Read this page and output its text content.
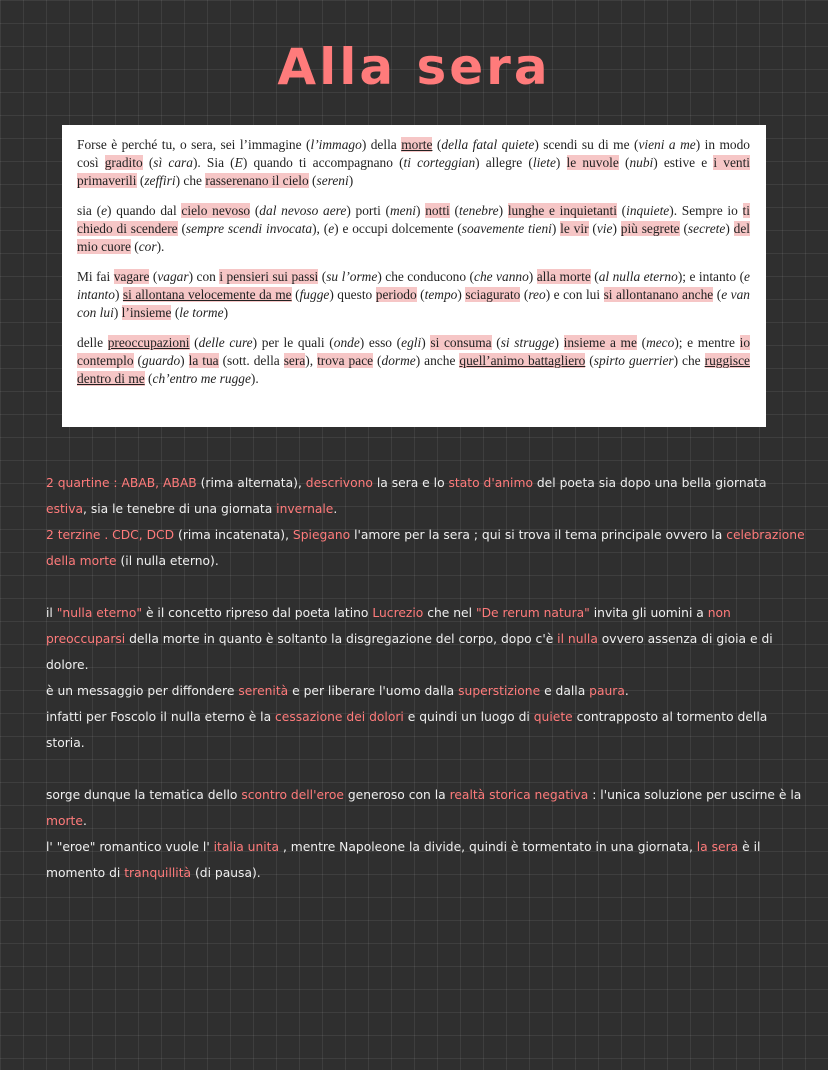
Alla sera

Forse è perché tu, o sera, sei l’immagine (l’immago) della morte (della fatal quiete) scendi su di me (vieni a me) in modo così gradito (sì cara). Sia (E) quando ti accompagnano (ti corteggian) allegre (liete) le nuvole (nubi) estive e i venti primaverili (zeffiri) che rasserenano il cielo (sereni)

sia (e) quando dal cielo nevoso (dal nevoso aere) porti (meni) notti (tenebre) lunghe e inquietanti (inquiete). Sempre io ti chiedo di scendere (sempre scendi invocata), (e) e occupi dolcemente (soavemente tieni) le vir (vie) più segrete (secrete) del mio cuore (cor).

Mi fai vagare (vagar) con i pensieri sui passi (su l’orme) che conducono (che vanno) alla morte (al nulla eterno); e intanto (e intanto) si allontana velocemente da me (fugge) questo periodo (tempo) sciagurato (reo) e con lui si allontanano anche (e van con lui) l’insieme (le torme)

delle preoccupazioni (delle cure) per le quali (onde) esso (egli) si consuma (si strugge) insieme a me (meco); e mentre io contemplo (guardo) la tua (sott. della sera), trova pace (dorme) anche quell’animo battagliero (spirto guerrier) che ruggisce dentro di me (ch’entro me rugge).

2 quartine : ABAB, ABAB (rima alternata), descrivono la sera e lo stato d'animo del poeta sia dopo una bella giornata estiva, sia le tenebre di una giornata invernale.

2 terzine . CDC, DCD (rima incatenata), Spiegano l'amore per la sera ; qui si trova il tema principale ovvero la celebrazione della morte (il nulla eterno).

il "nulla eterno" è il concetto ripreso dal poeta latino Lucrezio che nel "De rerum natura" invita gli uomini a non preoccuparsi della morte in quanto è soltanto la disgregazione del corpo, dopo c'è il nulla ovvero assenza di gioia e di dolore.

è un messaggio per diffondere serenità e per liberare l'uomo dalla superstizione e dalla paura.

infatti per Foscolo il nulla eterno è la cessazione dei dolori e quindi un luogo di quiete contrapposto al tormento della storia.

sorge dunque la tematica dello scontro dell'eroe generoso con la realtà storica negativa : l'unica soluzione per uscirne è la morte.

l' "eroe" romantico vuole l' italia unita , mentre Napoleone la divide, quindi è tormentato in una giornata, la sera è il momento di tranquillità (di pausa).
